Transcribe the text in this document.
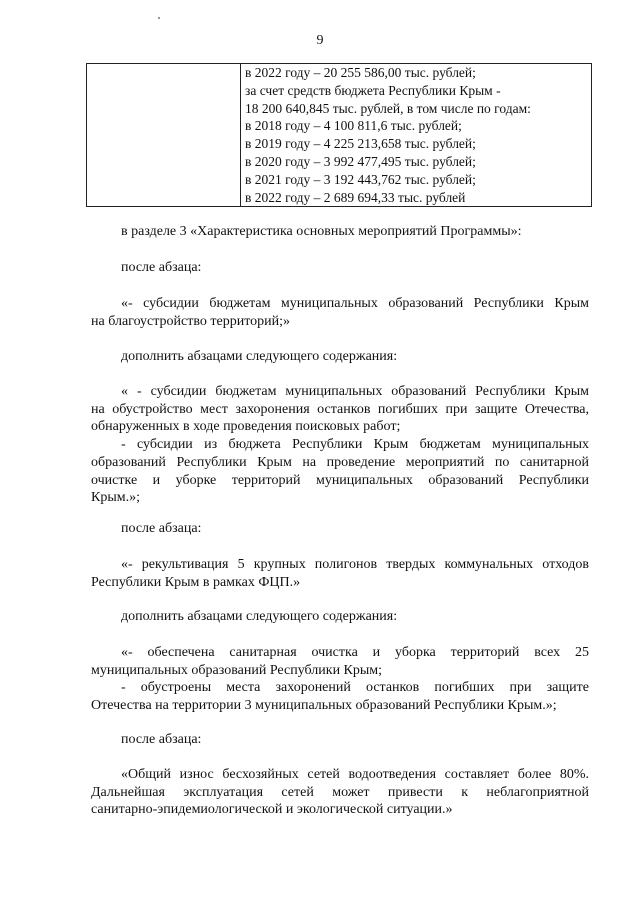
9

в 2022 году – 20 255 586,00 тыс. рублей;
за счет средств бюджета Республики Крым -
18 200 640,845 тыс. рублей, в том числе по годам:
в 2018 году – 4 100 811,6 тыс. рублей;
в 2019 году – 4 225 213,658 тыс. рублей;
в 2020 году – 3 992 477,495 тыс. рублей;
в 2021 году – 3 192 443,762 тыс. рублей;
в 2022 году – 2 689 694,33 тыс. рублей
в разделе 3 «Характеристика основных мероприятий Программы»:
после абзаца:
«- субсидии бюджетам муниципальных образований Республики Крым
на благоустройство территорий;»
дополнить абзацами следующего содержания:
« - субсидии бюджетам муниципальных образований Республики Крым
на обустройство мест захоронения останков погибших при защите Отечества,
обнаруженных в ходе проведения поисковых работ;
- субсидии из бюджета Республики Крым бюджетам муниципальных
образований Республики Крым на проведение мероприятий по санитарной
очистке и уборке территорий муниципальных образований Республики
Крым.»;
после абзаца:
«- рекультивация 5 крупных полигонов твердых коммунальных отходов
Республики Крым в рамках ФЦП.»
дополнить абзацами следующего содержания:
«- обеспечена санитарная очистка и уборка территорий всех 25
муниципальных образований Республики Крым;
- обустроены места захоронений останков погибших при защите
Отечества на территории 3 муниципальных образований Республики Крым.»;
после абзаца:
«Общий износ бесхозяйных сетей водоотведения составляет более 80%.
Дальнейшая эксплуатация сетей может привести к неблагоприятной
санитарно-эпидемиологической и экологической ситуации.»
